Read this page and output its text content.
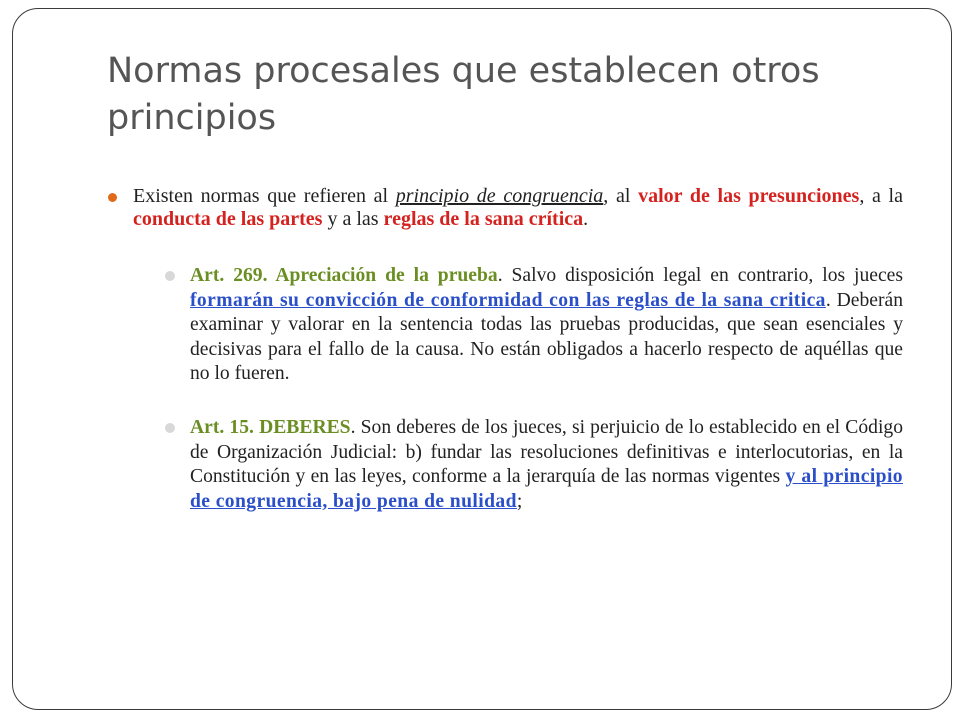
Normas procesales que establecen otros principios

Existen normas que refieren al principio de congruencia, al valor de las presunciones, a la conducta de las partes y a las reglas de la sana crítica.

Art. 269. Apreciación de la prueba. Salvo disposición legal en contrario, los jueces formarán su convicción de conformidad con las reglas de la sana critica. Deberán examinar y valorar en la sentencia todas las pruebas producidas, que sean esenciales y decisivas para el fallo de la causa. No están obligados a hacerlo respecto de aquéllas que no lo fueren.

Art. 15. DEBERES. Son deberes de los jueces, si perjuicio de lo establecido en el Código de Organización Judicial: b) fundar las resoluciones definitivas e interlocutorias, en la Constitución y en las leyes, conforme a la jerarquía de las normas vigentes y al principio de congruencia, bajo pena de nulidad;
